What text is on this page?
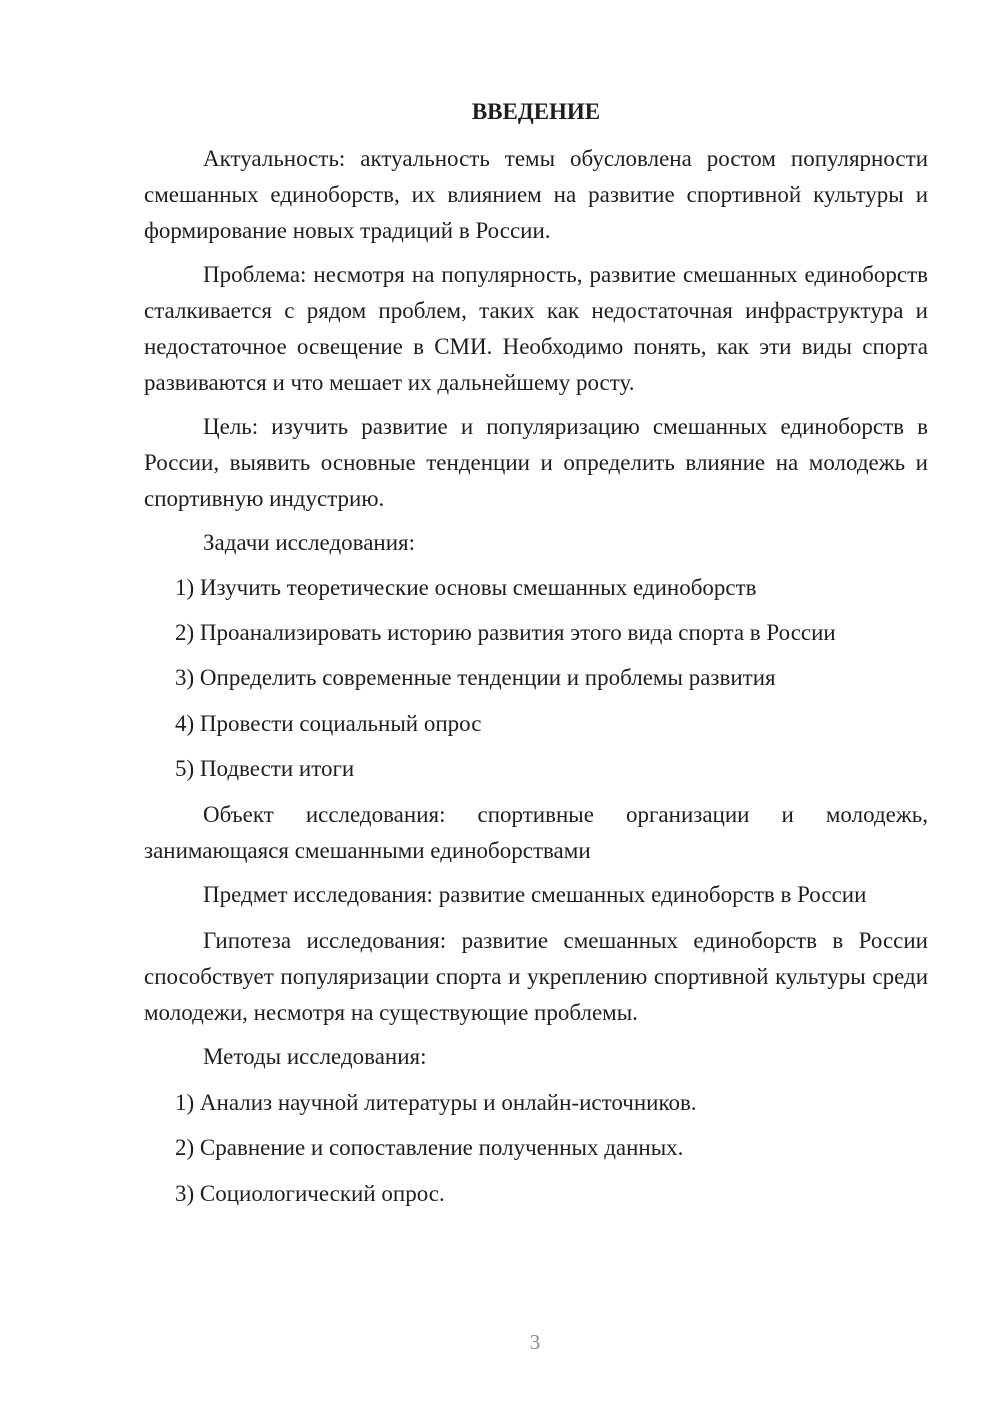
ВВЕДЕНИЕ

Актуальность: актуальность темы обусловлена ростом популярности смешанных единоборств, их влиянием на развитие спортивной культуры и формирование новых традиций в России.

Проблема: несмотря на популярность, развитие смешанных единоборств сталкивается с рядом проблем, таких как недостаточная инфраструктура и недостаточное освещение в СМИ. Необходимо понять, как эти виды спорта развиваются и что мешает их дальнейшему росту.

Цель: изучить развитие и популяризацию смешанных единоборств в России, выявить основные тенденции и определить влияние на молодежь и спортивную индустрию.

Задачи исследования:

1) Изучить теоретические основы смешанных единоборств

2) Проанализировать историю развития этого вида спорта в России

3) Определить современные тенденции и проблемы развития

4) Провести социальный опрос

5) Подвести итоги

Объект исследования: спортивные организации и молодежь, занимающаяся смешанными единоборствами

Предмет исследования: развитие смешанных единоборств в России

Гипотеза исследования: развитие смешанных единоборств в России способствует популяризации спорта и укреплению спортивной культуры среди молодежи, несмотря на существующие проблемы.

Методы исследования:

1) Анализ научной литературы и онлайн-источников.

2) Сравнение и сопоставление полученных данных.

3) Социологический опрос.

3
